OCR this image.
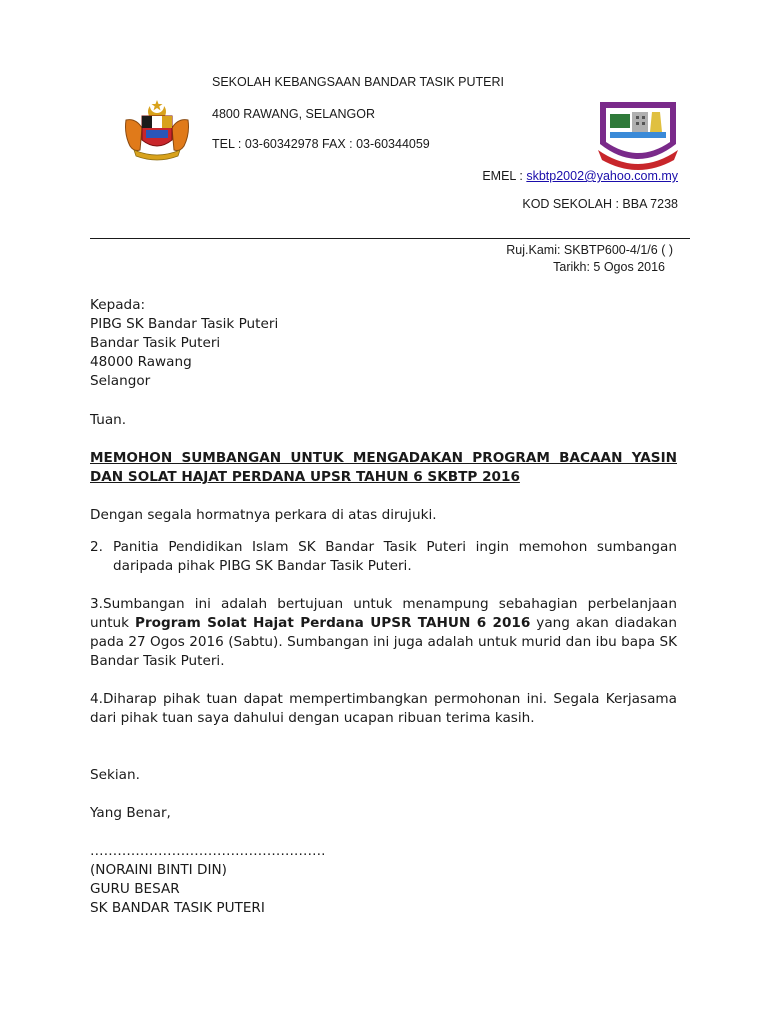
SEKOLAH KEBANGSAAN BANDAR TASIK PUTERI
4800 RAWANG, SELANGOR
TEL : 03-60342978 FAX : 03-60344059
EMEL : skbtp2002@yahoo.com.my
KOD SEKOLAH : BBA 7238
Ruj.Kami: SKBTP600-4/1/6 ( )
Tarikh: 5 Ogos 2016
Kepada:
PIBG SK Bandar Tasik Puteri
Bandar Tasik Puteri
48000 Rawang
Selangor
Tuan.
MEMOHON SUMBANGAN UNTUK MENGADAKAN PROGRAM BACAAN YASIN DAN SOLAT HAJAT PERDANA UPSR TAHUN 6 SKBTP 2016
Dengan segala hormatnya perkara di atas dirujuki.
2. Panitia Pendidikan Islam SK Bandar Tasik Puteri ingin memohon sumbangan daripada pihak PIBG SK Bandar Tasik Puteri.
3.Sumbangan ini adalah bertujuan untuk menampung sebahagian perbelanjaan untuk Program Solat Hajat Perdana UPSR TAHUN 6 2016 yang akan diadakan pada 27 Ogos 2016 (Sabtu). Sumbangan ini juga adalah untuk murid dan ibu bapa SK Bandar Tasik Puteri.
4.Diharap pihak tuan dapat mempertimbangkan permohonan ini. Segala Kerjasama dari pihak tuan saya dahului dengan ucapan ribuan terima kasih.
Sekian.
Yang Benar,
…………………………………………….
(NORAINI BINTI DIN)
GURU BESAR
SK BANDAR TASIK PUTERI
